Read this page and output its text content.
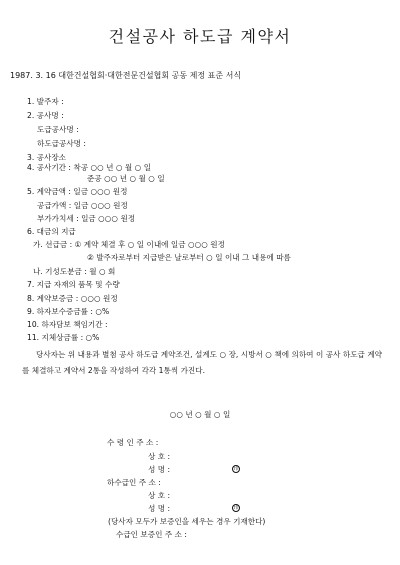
건설공사 하도급 계약서
1987. 3. 16 대한건설협회·대한전문건설협회 공동 제정 표준 서식
1. 발주자 :
2. 공사명 :
도급공사명 :
하도급공사명 :
3. 공사장소
4. 공사기간 : 착공 ○○ 년 ○ 월 ○ 일
준공 ○○ 년 ○ 월 ○ 일
5. 계약금액 : 일금 ○○○ 원정
공급가액 : 일금 ○○○ 원정
부가가치세 : 일금 ○○○ 원정
6. 대금의 지급
가. 선급금 : ① 계약 체결 후 ○ 일 이내에 일금 ○○○ 원정
② 발주자로부터 지급받은 날로부터 ○ 일 이내 그 내용에 따름
나. 기성도분금 : 월 ○ 회
7. 지급 자재의 품목 및 수량
8. 계약보증금 : ○○○ 원정
9. 하자보수증금률 : ○%
10. 하자담보 책임기간 :
11. 지체상금률 : ○%
당사자는 위 내용과 별첨 공사 하도급 계약조건, 설계도 ○ 장, 시방서 ○ 책에 의하여 이 공사 하도급 계약를 체결하고 계약서 2통을 작성하여 각각 1통씩 가진다.
○○ 년 ○ 월 ○ 일
수 령 인 주 소 :
상 호 :
성 명 :	印
하수급인 주 소 :
상 호 :
성 명 :	印
(당사자 모두가 보증인을 세우는 경우 기재한다)
수급인 보증인 주 소 :
